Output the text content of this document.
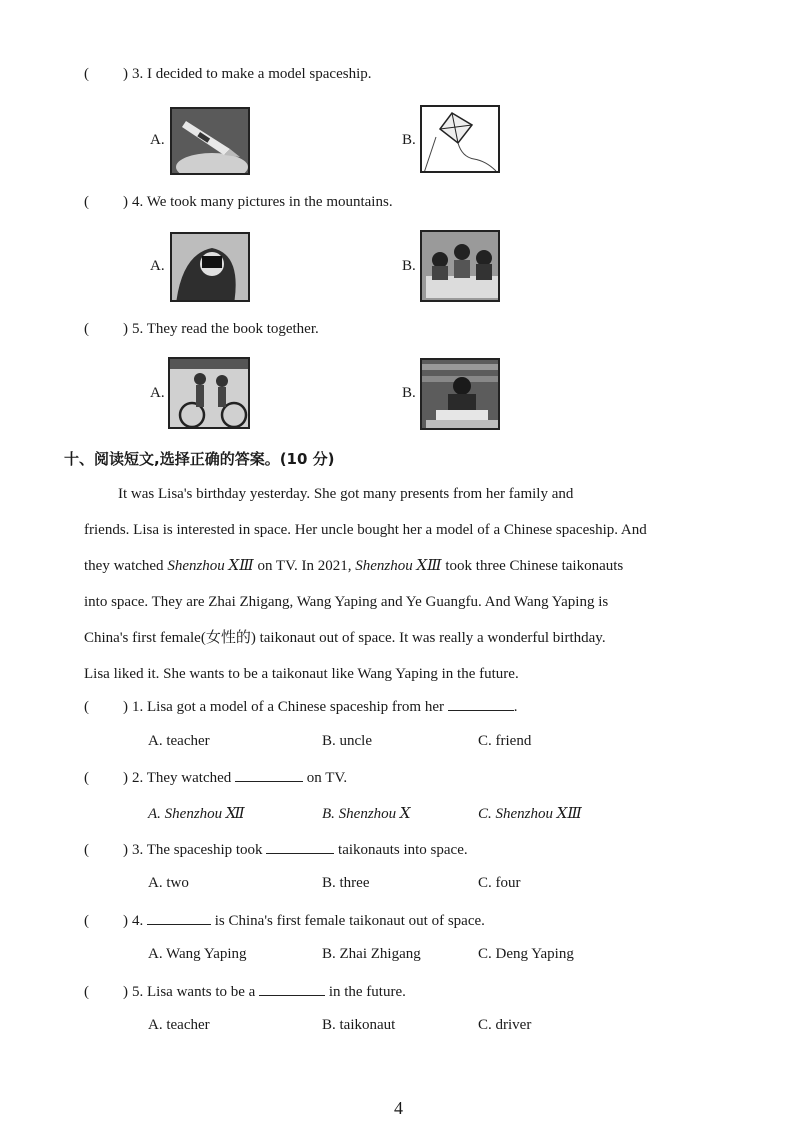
( ) 3. I decided to make a model spaceship.
A.	B.
( ) 4. We took many pictures in the mountains.
A.	B.
( ) 5. They read the book together.
A.	B.
十、阅读短文,选择正确的答案。(10 分)
It was Lisa's birthday yesterday. She got many presents from her family and
friends. Lisa is interested in space. Her uncle bought her a model of a Chinese spaceship. And
they watched Shenzhou ⅩⅢ on TV. In 2021, Shenzhou ⅩⅢ took three Chinese taikonauts
into space. They are Zhai Zhigang, Wang Yaping and Ye Guangfu. And Wang Yaping is
China's first female(女性的) taikonaut out of space. It was really a wonderful birthday.
Lisa liked it. She wants to be a taikonaut like Wang Yaping in the future.
( ) 1. Lisa got a model of a Chinese spaceship from her	.
A. teacher	B. uncle	C. friend
( ) 2. They watched	on TV.
A. Shenzhou Ⅻ	B. Shenzhou Ⅹ	C. Shenzhou ⅩⅢ
( ) 3. The spaceship took	taikonauts into space.
A. two	B. three	C. four
( ) 4.	is China's first female taikonaut out of space.
A. Wang Yaping	B. Zhai Zhigang	C. Deng Yaping
( ) 5. Lisa wants to be a	in the future.
A. teacher	B. taikonaut	C. driver
4
